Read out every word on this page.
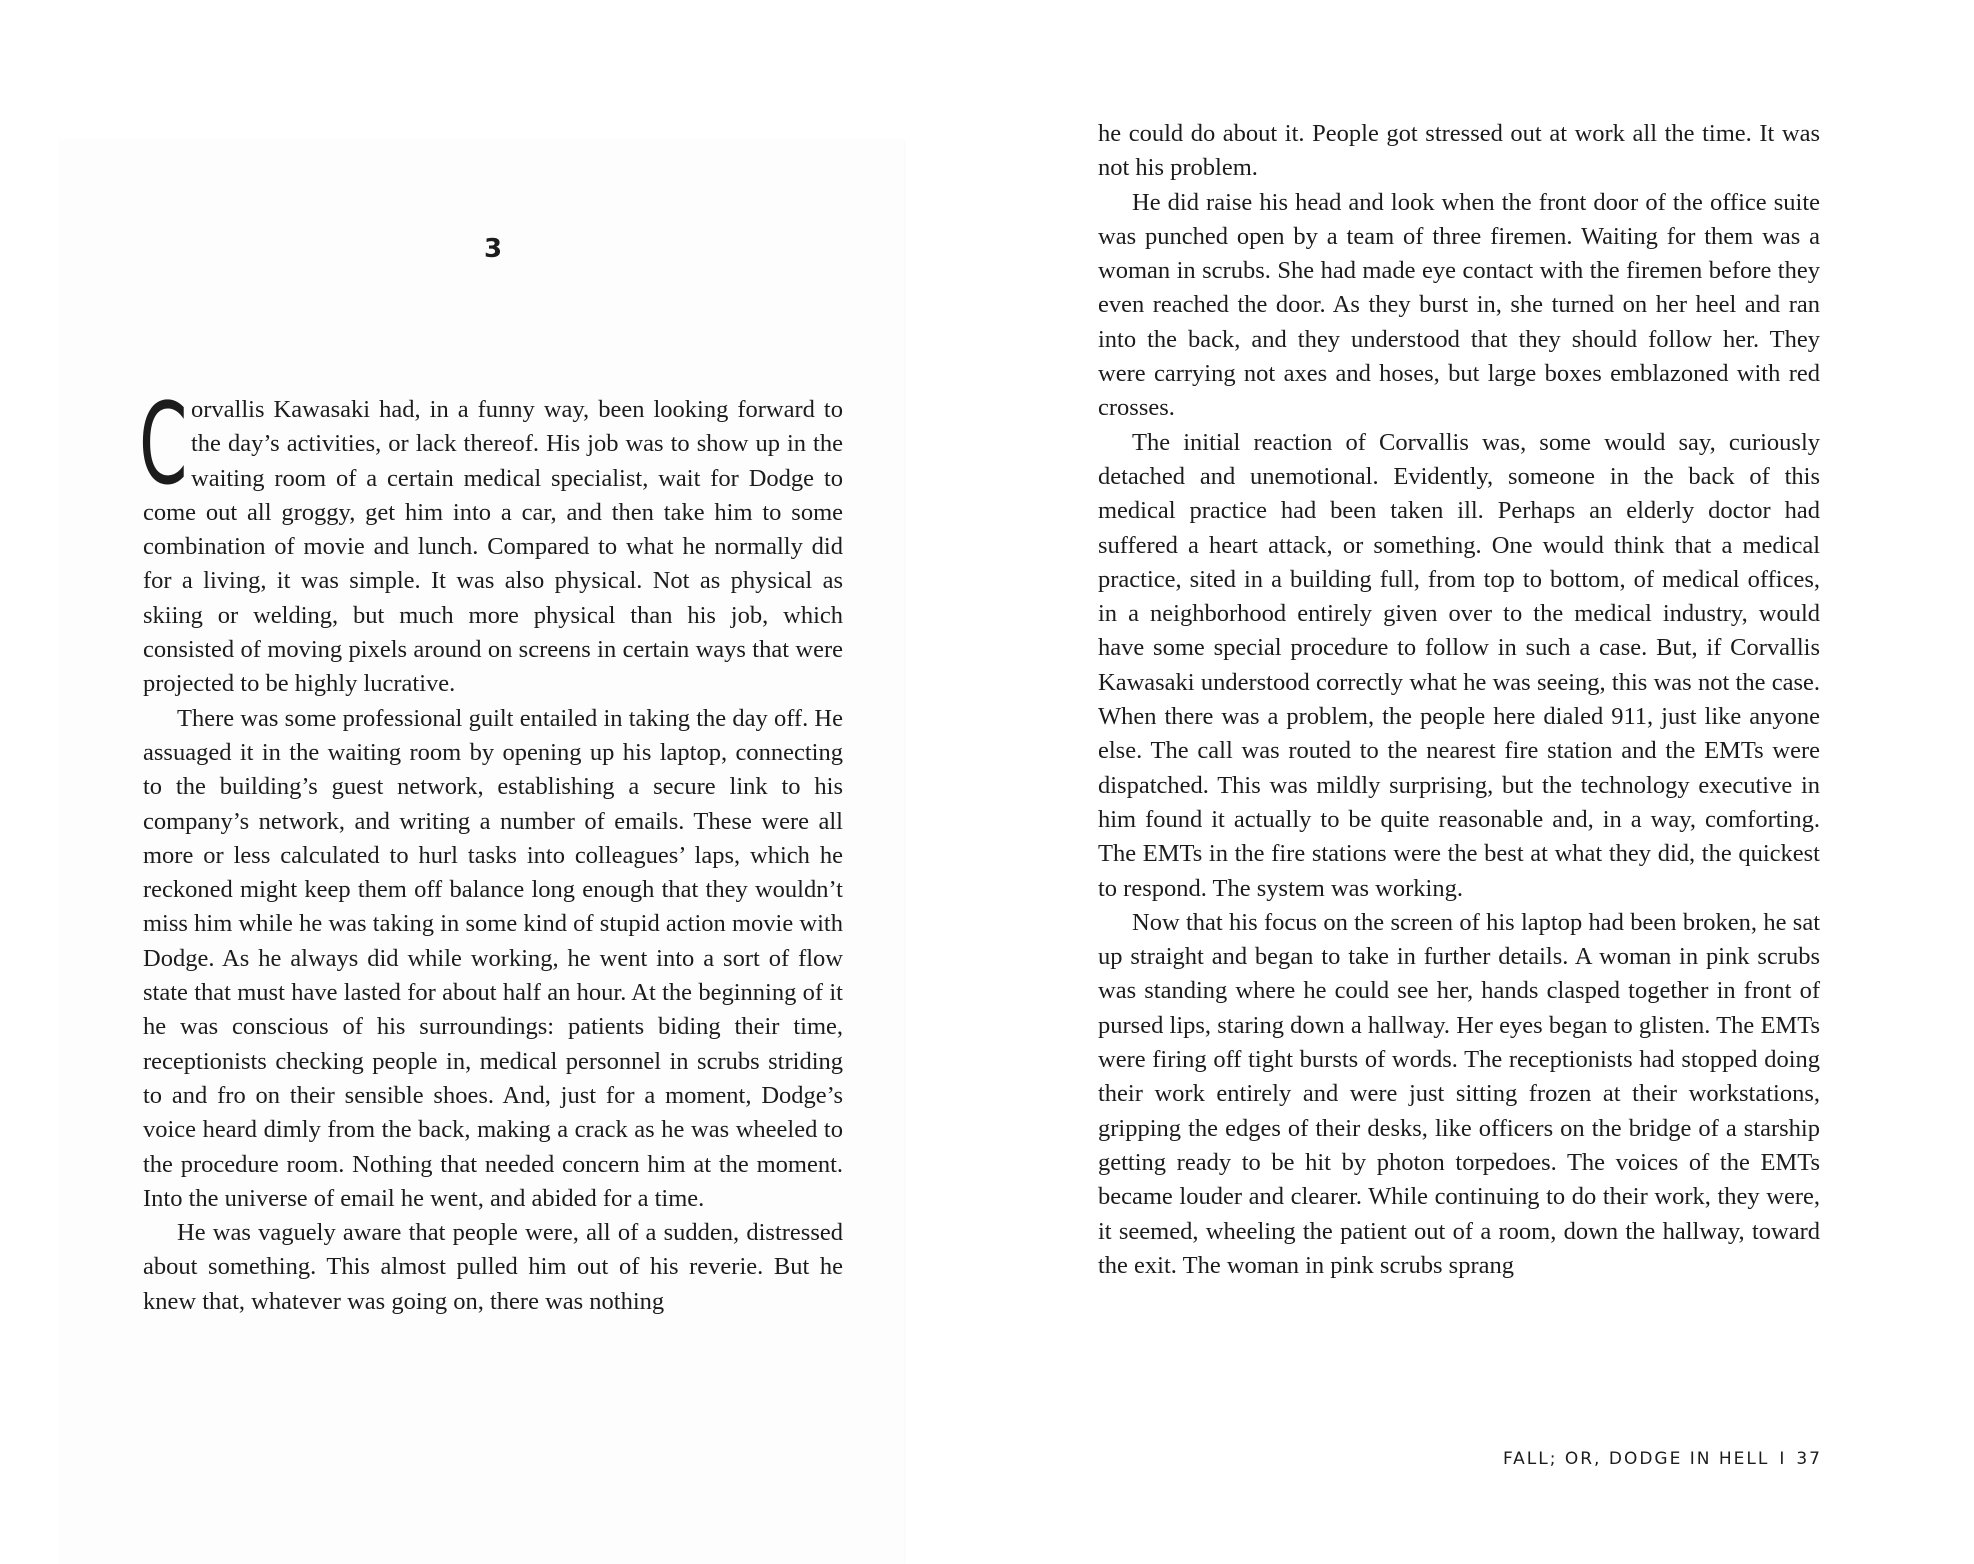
3

Corvallis Kawasaki had, in a funny way, been looking forward to the day’s activities, or lack thereof. His job was to show up in the waiting room of a certain medical specialist, wait for Dodge to come out all groggy, get him into a car, and then take him to some combination of movie and lunch. Compared to what he normally did for a living, it was simple. It was also physical. Not as physical as skiing or welding, but much more physical than his job, which consisted of moving pixels around on screens in certain ways that were projected to be highly lucrative.

There was some professional guilt entailed in taking the day off. He assuaged it in the waiting room by opening up his laptop, connecting to the building’s guest network, establishing a secure link to his company’s network, and writing a number of emails. These were all more or less calculated to hurl tasks into colleagues’ laps, which he reckoned might keep them off balance long enough that they wouldn’t miss him while he was taking in some kind of stupid action movie with Dodge. As he always did while working, he went into a sort of flow state that must have lasted for about half an hour. At the beginning of it he was conscious of his surroundings: patients biding their time, receptionists checking people in, medical personnel in scrubs striding to and fro on their sensible shoes. And, just for a moment, Dodge’s voice heard dimly from the back, making a crack as he was wheeled to the procedure room. Nothing that needed concern him at the moment. Into the universe of email he went, and abided for a time.

He was vaguely aware that people were, all of a sudden, distressed about something. This almost pulled him out of his reverie. But he knew that, whatever was going on, there was nothing

he could do about it. People got stressed out at work all the time. It was not his problem.

He did raise his head and look when the front door of the office suite was punched open by a team of three firemen. Waiting for them was a woman in scrubs. She had made eye contact with the firemen before they even reached the door. As they burst in, she turned on her heel and ran into the back, and they understood that they should follow her. They were carrying not axes and hoses, but large boxes emblazoned with red crosses.

The initial reaction of Corvallis was, some would say, curiously detached and unemotional. Evidently, someone in the back of this medical practice had been taken ill. Perhaps an elderly doctor had suffered a heart attack, or something. One would think that a medical practice, sited in a building full, from top to bottom, of medical offices, in a neighborhood entirely given over to the medical industry, would have some special procedure to follow in such a case. But, if Corvallis Kawasaki understood correctly what he was seeing, this was not the case. When there was a problem, the people here dialed 911, just like anyone else. The call was routed to the nearest fire station and the EMTs were dispatched. This was mildly surprising, but the technology executive in him found it actually to be quite reasonable and, in a way, comforting. The EMTs in the fire stations were the best at what they did, the quickest to respond. The system was working.

Now that his focus on the screen of his laptop had been broken, he sat up straight and began to take in further details. A woman in pink scrubs was standing where he could see her, hands clasped together in front of pursed lips, staring down a hallway. Her eyes began to glisten. The EMTs were firing off tight bursts of words. The receptionists had stopped doing their work entirely and were just sitting frozen at their workstations, gripping the edges of their desks, like officers on the bridge of a starship getting ready to be hit by photon torpedoes. The voices of the EMTs became louder and clearer. While continuing to do their work, they were, it seemed, wheeling the patient out of a room, down the hallway, toward the exit. The woman in pink scrubs sprang

FALL; OR, DODGE IN HELL I 37
